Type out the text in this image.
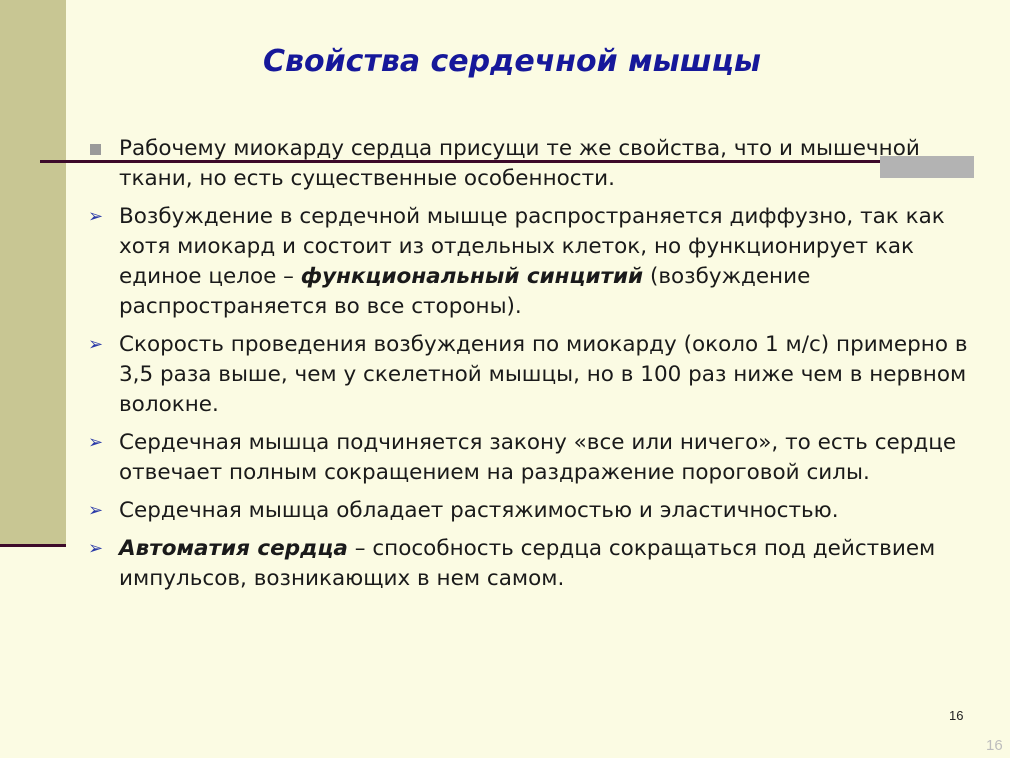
Свойства сердечной мышцы
Рабочему миокарду сердца присущи те же свойства, что и мышечной ткани, но есть существенные особенности.
➢ Возбуждение в сердечной мышце распространяется диффузно, так как хотя миокард и состоит из отдельных клеток, но функционирует как единое целое – функциональный синцитий (возбуждение распространяется во все стороны).
➢ Скорость проведения возбуждения по миокарду (около 1 м/с) примерно в 3,5 раза выше, чем у скелетной мышцы, но в 100 раз ниже чем в нервном волокне.
➢ Сердечная мышца подчиняется закону «все или ничего», то есть сердце отвечает полным сокращением на раздражение пороговой силы.
➢ Сердечная мышца обладает растяжимостью и эластичностью.
➢ Автоматия сердца – способность сердца сокращаться под действием импульсов, возникающих в нем самом.
16
16
